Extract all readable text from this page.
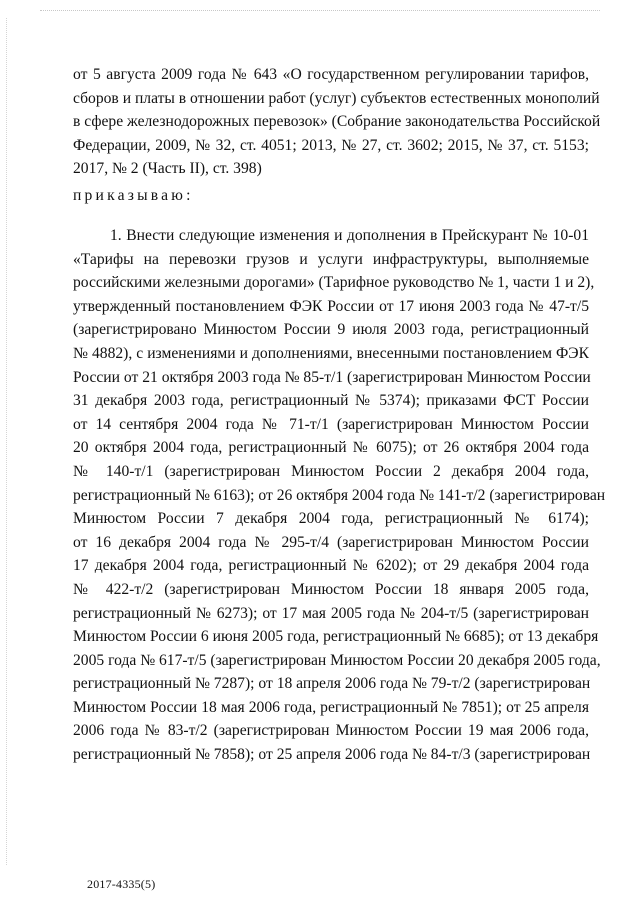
от 5 августа 2009 года № 643 «О государственном регулировании тарифов,
сборов и платы в отношении работ (услуг) субъектов естественных монополий
в сфере железнодорожных перевозок» (Собрание законодательства Российской
Федерации, 2009, № 32, ст. 4051; 2013, № 27, ст. 3602; 2015, № 37, ст. 5153;
2017, № 2 (Часть II), ст. 398)
приказываю:
1. Внести следующие изменения и дополнения в Прейскурант № 10-01
«Тарифы на перевозки грузов и услуги инфраструктуры, выполняемые
российскими железными дорогами» (Тарифное руководство № 1, части 1 и 2),
утвержденный постановлением ФЭК России от 17 июня 2003 года № 47-т/5
(зарегистрировано Минюстом России 9 июля 2003 года, регистрационный
№ 4882), с изменениями и дополнениями, внесенными постановлением ФЭК
России от 21 октября 2003 года № 85-т/1 (зарегистрирован Минюстом России
31 декабря 2003 года, регистрационный № 5374); приказами ФСТ России
от 14 сентября 2004 года № 71-т/1 (зарегистрирован Минюстом России
20 октября 2004 года, регистрационный № 6075); от 26 октября 2004 года
№ 140-т/1 (зарегистрирован Минюстом России 2 декабря 2004 года,
регистрационный № 6163); от 26 октября 2004 года № 141-т/2 (зарегистрирован
Минюстом России 7 декабря 2004 года, регистрационный № 6174);
от 16 декабря 2004 года № 295-т/4 (зарегистрирован Минюстом России
17 декабря 2004 года, регистрационный № 6202); от 29 декабря 2004 года
№ 422-т/2 (зарегистрирован Минюстом России 18 января 2005 года,
регистрационный № 6273); от 17 мая 2005 года № 204-т/5 (зарегистрирован
Минюстом России 6 июня 2005 года, регистрационный № 6685); от 13 декабря
2005 года № 617-т/5 (зарегистрирован Минюстом России 20 декабря 2005 года,
регистрационный № 7287); от 18 апреля 2006 года № 79-т/2 (зарегистрирован
Минюстом России 18 мая 2006 года, регистрационный № 7851); от 25 апреля
2006 года № 83-т/2 (зарегистрирован Минюстом России 19 мая 2006 года,
регистрационный № 7858); от 25 апреля 2006 года № 84-т/3 (зарегистрирован
2017-4335(5)
